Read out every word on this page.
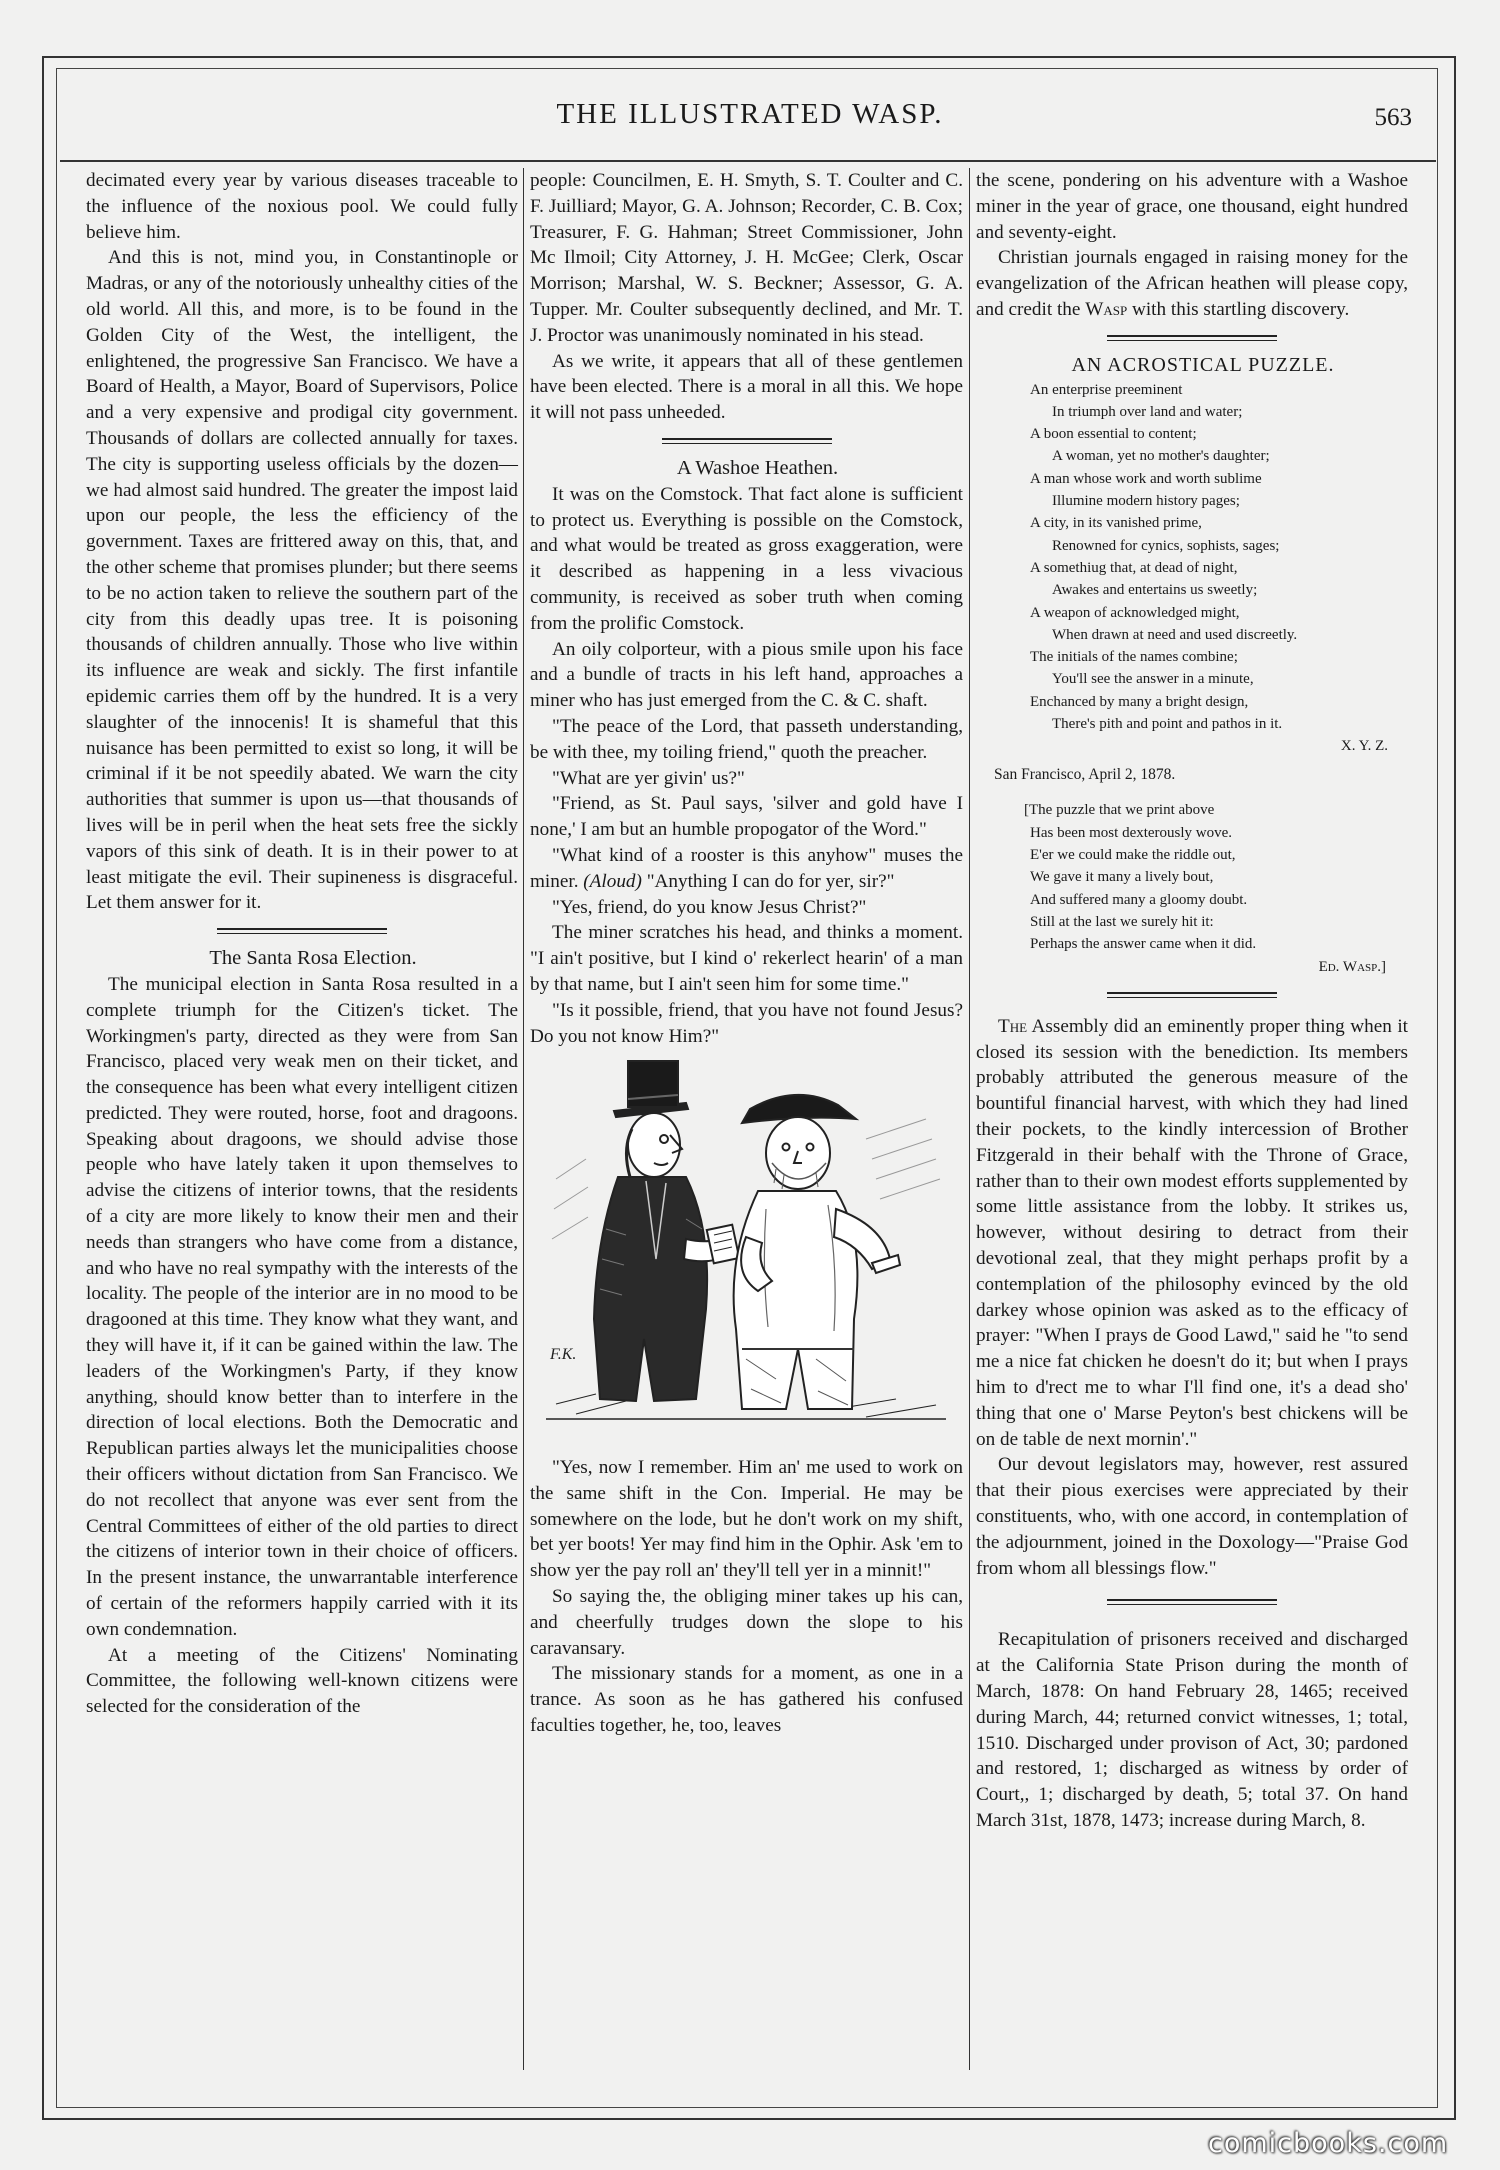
THE ILLUSTRATED WASP.	563

decimated every year by various diseases traceable to the influence of the noxious pool. We could fully believe him.

And this is not, mind you, in Constantinople or Madras, or any of the notoriously unhealthy cities of the old world. All this, and more, is to be found in the Golden City of the West, the intelligent, the enlightened, the progressive San Francisco. We have a Board of Health, a Mayor, Board of Supervisors, Police and a very expensive and prodigal city government. Thousands of dollars are collected annually for taxes. The city is supporting useless officials by the dozen—we had almost said hundred. The greater the impost laid upon our people, the less the efficiency of the government. Taxes are frittered away on this, that, and the other scheme that promises plunder; but there seems to be no action taken to relieve the southern part of the city from this deadly upas tree. It is poisoning thousands of children annually. Those who live within its influence are weak and sickly. The first infantile epidemic carries them off by the hundred. It is a very slaughter of the innocenis! It is shameful that this nuisance has been permitted to exist so long, it will be criminal if it be not speedily abated. We warn the city authorities that summer is upon us—that thousands of lives will be in peril when the heat sets free the sickly vapors of this sink of death. It is in their power to at least mitigate the evil. Their supineness is disgraceful. Let them answer for it.

The Santa Rosa Election.

The municipal election in Santa Rosa resulted in a complete triumph for the Citizen's ticket. The Workingmen's party, directed as they were from San Francisco, placed very weak men on their ticket, and the consequence has been what every intelligent citizen predicted. They were routed, horse, foot and dragoons. Speaking about dragoons, we should advise those people who have lately taken it upon themselves to advise the citizens of interior towns, that the residents of a city are more likely to know their men and their needs than strangers who have come from a distance, and who have no real sympathy with the interests of the locality. The people of the interior are in no mood to be dragooned at this time. They know what they want, and they will have it, if it can be gained within the law. The leaders of the Workingmen's Party, if they know anything, should know better than to interfere in the direction of local elections. Both the Democratic and Republican parties always let the municipalities choose their officers without dictation from San Francisco. We do not recollect that anyone was ever sent from the Central Committees of either of the old parties to direct the citizens of interior town in their choice of officers. In the present instance, the unwarrantable interference of certain of the reformers happily carried with it its own condemnation.

At a meeting of the Citizens' Nominating Committee, the following well-known citizens were selected for the consideration of the

people: Councilmen, E. H. Smyth, S. T. Coulter and C. F. Juilliard; Mayor, G. A. Johnson; Recorder, C. B. Cox; Treasurer, F. G. Hahman; Street Commissioner, John Mc Ilmoil; City Attorney, J. H. McGee; Clerk, Oscar Morrison; Marshal, W. S. Beckner; Assessor, G. A. Tupper. Mr. Coulter subsequently declined, and Mr. T. J. Proctor was unanimously nominated in his stead.

As we write, it appears that all of these gentlemen have been elected. There is a moral in all this. We hope it will not pass unheeded.

A Washoe Heathen.

It was on the Comstock. That fact alone is sufficient to protect us. Everything is possible on the Comstock, and what would be treated as gross exaggeration, were it described as happening in a less vivacious community, is received as sober truth when coming from the prolific Comstock.

An oily colporteur, with a pious smile upon his face and a bundle of tracts in his left hand, approaches a miner who has just emerged from the C. & C. shaft.

"The peace of the Lord, that passeth understanding, be with thee, my toiling friend," quoth the preacher.

"What are yer givin' us?"

"Friend, as St. Paul says, 'silver and gold have I none,' I am but an humble propogator of the Word."

"What kind of a rooster is this anyhow" muses the miner. (Aloud) "Anything I can do for yer, sir?"

"Yes, friend, do you know Jesus Christ?"

The miner scratches his head, and thinks a moment. "I ain't positive, but I kind o' rekerlect hearin' of a man by that name, but I ain't seen him for some time."

"Is it possible, friend, that you have not found Jesus? Do you not know Him?"

F.K.

"Yes, now I remember. Him an' me used to work on the same shift in the Con. Imperial. He may be somewhere on the lode, but he don't work on my shift, bet yer boots! Yer may find him in the Ophir. Ask 'em to show yer the pay roll an' they'll tell yer in a minnit!"

So saying the, the obliging miner takes up his can, and cheerfully trudges down the slope to his caravansary.

The missionary stands for a moment, as one in a trance. As soon as he has gathered his confused faculties together, he, too, leaves

the scene, pondering on his adventure with a Washoe miner in the year of grace, one thousand, eight hundred and seventy-eight.

Christian journals engaged in raising money for the evangelization of the African heathen will please copy, and credit the Wasp with this startling discovery.

AN ACROSTICAL PUZZLE.

An enterprise preeminent
In triumph over land and water;
A boon essential to content;
A woman, yet no mother's daughter;
A man whose work and worth sublime
Illumine modern history pages;
A city, in its vanished prime,
Renowned for cynics, sophists, sages;
A somethiug that, at dead of night,
Awakes and entertains us sweetly;
A weapon of acknowledged might,
When drawn at need and used discreetly.
The initials of the names combine;
You'll see the answer in a minute,
Enchanced by many a bright design,
There's pith and point and pathos in it.
X. Y. Z.
San Francisco, April 2, 1878.
[The puzzle that we print above
Has been most dexterously wove.
E'er we could make the riddle out,
We gave it many a lively bout,
And suffered many a gloomy doubt.
Still at the last we surely hit it:
Perhaps the answer came when it did.
Ed. Wasp.]

The Assembly did an eminently proper thing when it closed its session with the benediction. Its members probably attributed the generous measure of the bountiful financial harvest, with which they had lined their pockets, to the kindly intercession of Brother Fitzgerald in their behalf with the Throne of Grace, rather than to their own modest efforts supplemented by some little assistance from the lobby. It strikes us, however, without desiring to detract from their devotional zeal, that they might perhaps profit by a contemplation of the philosophy evinced by the old darkey whose opinion was asked as to the efficacy of prayer: "When I prays de Good Lawd," said he "to send me a nice fat chicken he doesn't do it; but when I prays him to d'rect me to whar I'll find one, it's a dead sho' thing that one o' Marse Peyton's best chickens will be on de table de next mornin'."

Our devout legislators may, however, rest assured that their pious exercises were appreciated by their constituents, who, with one accord, in contemplation of the adjournment, joined in the Doxology—"Praise God from whom all blessings flow."

Recapitulation of prisoners received and discharged at the California State Prison during the month of March, 1878: On hand February 28, 1465; received during March, 44; returned convict witnesses, 1; total, 1510. Discharged under provison of Act, 30; pardoned and restored, 1; discharged as witness by order of Court,, 1; discharged by death, 5; total 37. On hand March 31st, 1878, 1473; increase during March, 8.

comicbooks.com
